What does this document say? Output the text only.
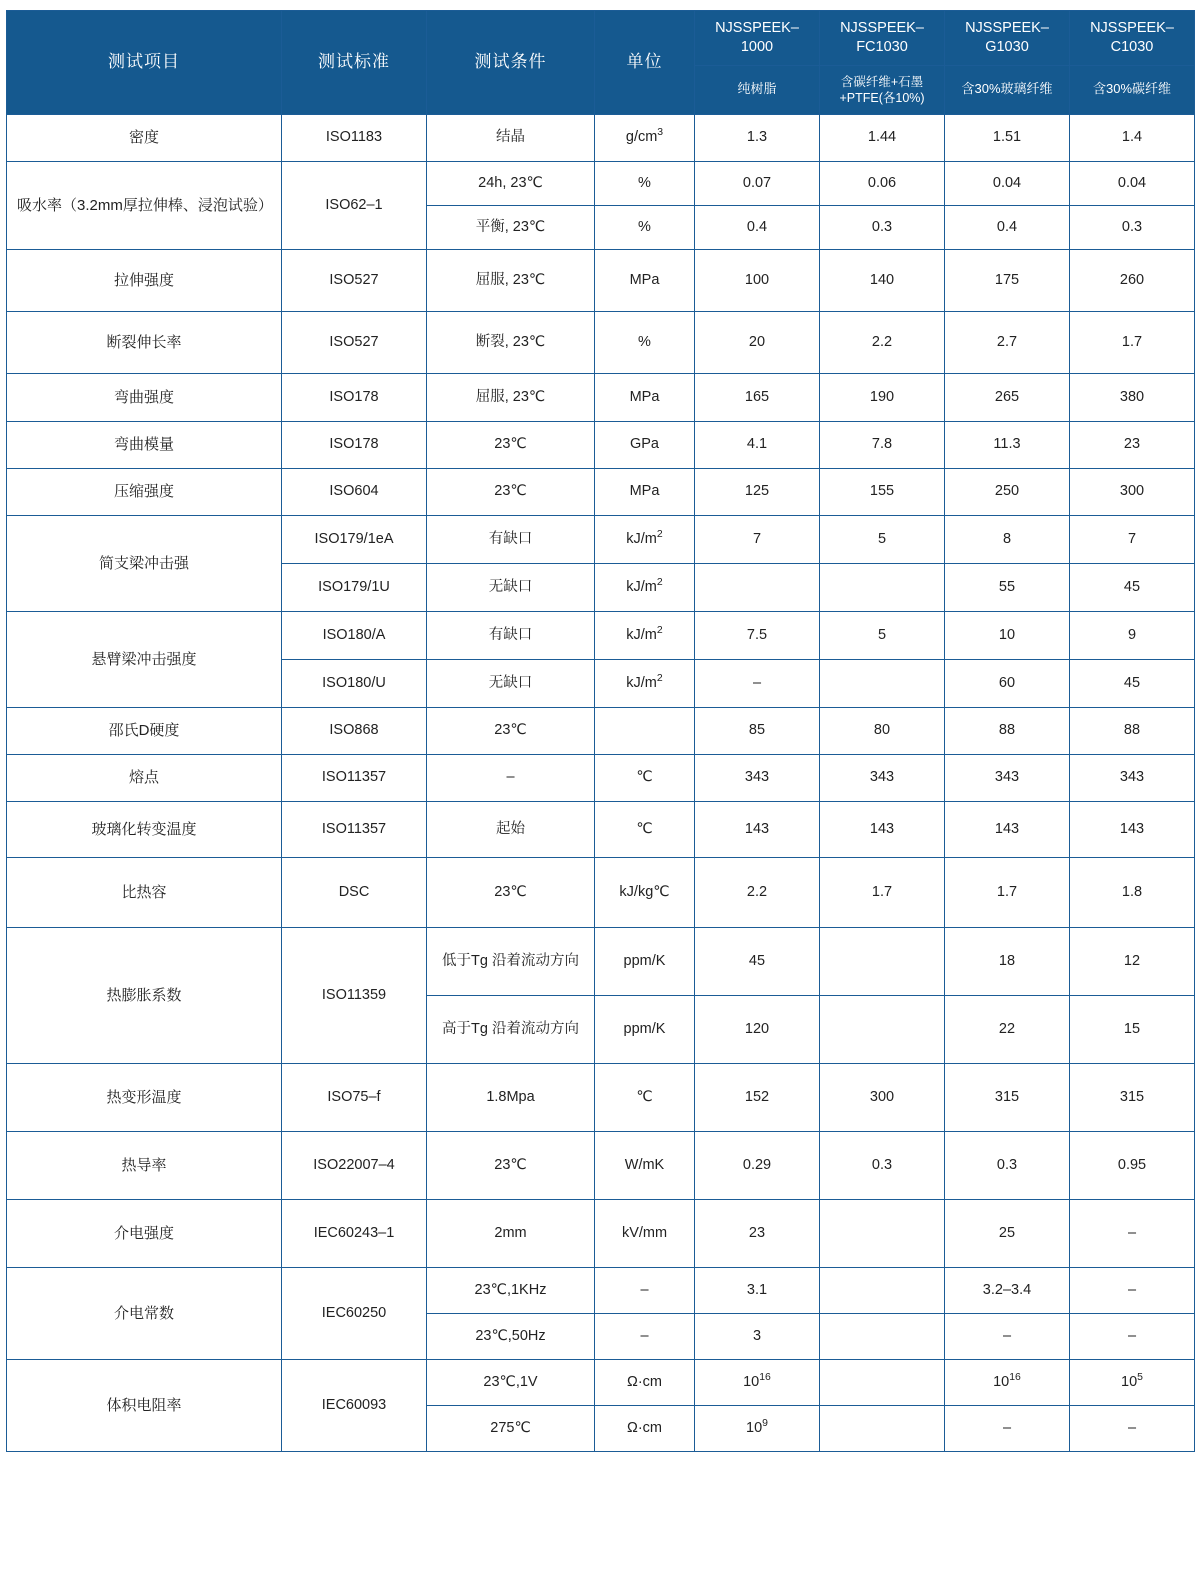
测试项目	测试标准	测试条件	单位	NJSSPEEK–1000	NJSSPEEK–FC1030	NJSSPEEK–G1030	NJSSPEEK–C1030
				纯树脂	含碳纤维+石墨+PTFE(各10%)	含30%玻璃纤维	含30%碳纤维
密度	ISO1183	结晶	$g/cm^3$	1.3	1.44	1.51	1.4
吸水率（3.2mm厚拉伸棒、浸泡试验）	ISO62–1	24h, 23℃	%	0.07	0.06	0.04	0.04
		平衡, 23℃	%	0.4	0.3	0.4	0.3
拉伸强度	ISO527	屈服, 23℃	MPa	100	140	175	260
断裂伸长率	ISO527	断裂, 23℃	%	20	2.2	2.7	1.7
弯曲强度	ISO178	屈服, 23℃	MPa	165	190	265	380
弯曲模量	ISO178	23℃	GPa	4.1	7.8	11.3	23
压缩强度	ISO604	23℃	MPa	125	155	250	300
简支梁冲击强	ISO179/1eA	有缺口	$kJ/m^2$	7	5	8	7
	ISO179/1U	无缺口	$kJ/m^2$			55	45
悬臂梁冲击强度	ISO180/A	有缺口	$kJ/m^2$	7.5	5	10	9
	ISO180/U	无缺口	$kJ/m^2$	–		60	45
邵氏D硬度	ISO868	23℃		85	80	88	88
熔点	ISO11357	–	℃	343	343	343	343
玻璃化转变温度	ISO11357	起始	℃	143	143	143	143
比热容	DSC	23℃	kJ/kg℃	2.2	1.7	1.7	1.8
热膨胀系数	ISO11359	低于Tg 沿着流动方向	ppm/K	45		18	12
		高于Tg 沿着流动方向	ppm/K	120		22	15
热变形温度	ISO75–f	1.8Mpa	℃	152	300	315	315
热导率	ISO22007–4	23℃	W/mK	0.29	0.3	0.3	0.95
介电强度	IEC60243–1	2mm	kV/mm	23		25	–
介电常数	IEC60250	23℃,1KHz	–	3.1		3.2–3.4	–
		23℃,50Hz	–	3		–	–
体积电阻率	IEC60093	23℃,1V	Ω·cm	$10^{16}$		$10^{16}$	$10^5$
		275℃	Ω·cm	$10^9$		–	–
